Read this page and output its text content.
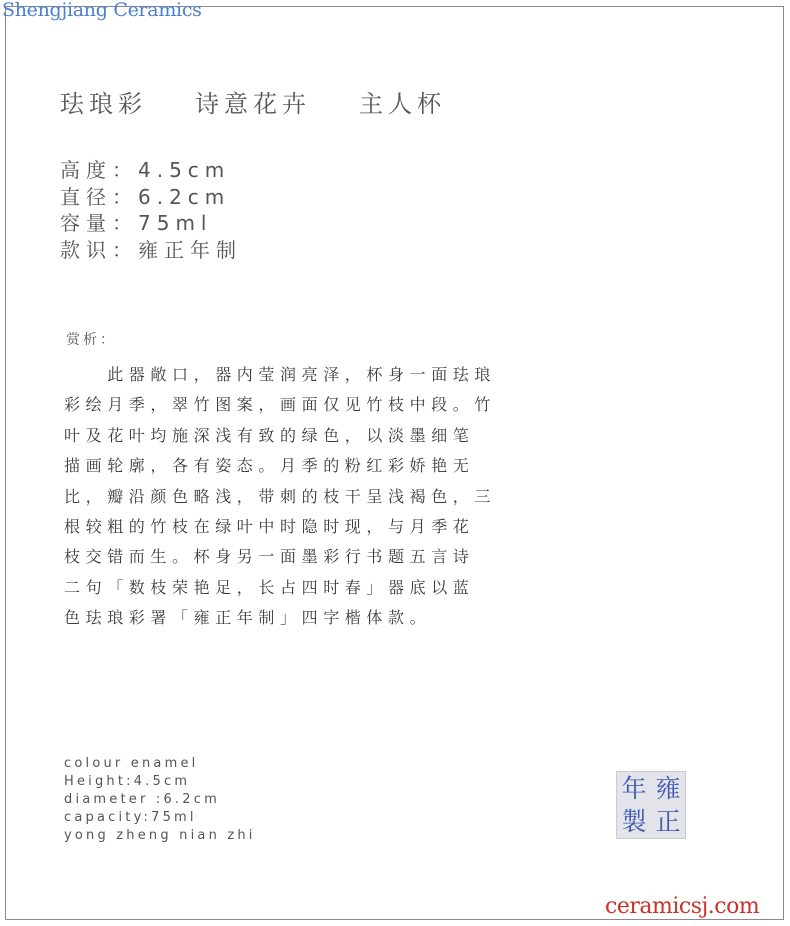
Shengjiang Ceramics
珐琅彩 诗意花卉 主人杯
高度：4.5cm
直径：6.2cm
容量：75ml
款识：雍正年制
赏析：

　　此器敞口，器内莹润亮泽，杯身一面珐琅

彩绘月季，翠竹图案，画面仅见竹枝中段。竹

叶及花叶均施深浅有致的绿色，以淡墨细笔

描画轮廓，各有姿态。月季的粉红彩娇艳无

比，瓣沿颜色略浅，带刺的枝干呈浅褐色，三

根较粗的竹枝在绿叶中时隐时现，与月季花

枝交错而生。杯身另一面墨彩行书题五言诗

二句「数枝荣艳足，长占四时春」器底以蓝

色珐琅彩署「雍正年制」四字楷体款。

colour enamel
Height:4.5cm
diameter :6.2cm
capacity:75ml
yong zheng nian zhi
年 雍
製 正
ceramicsj.com
